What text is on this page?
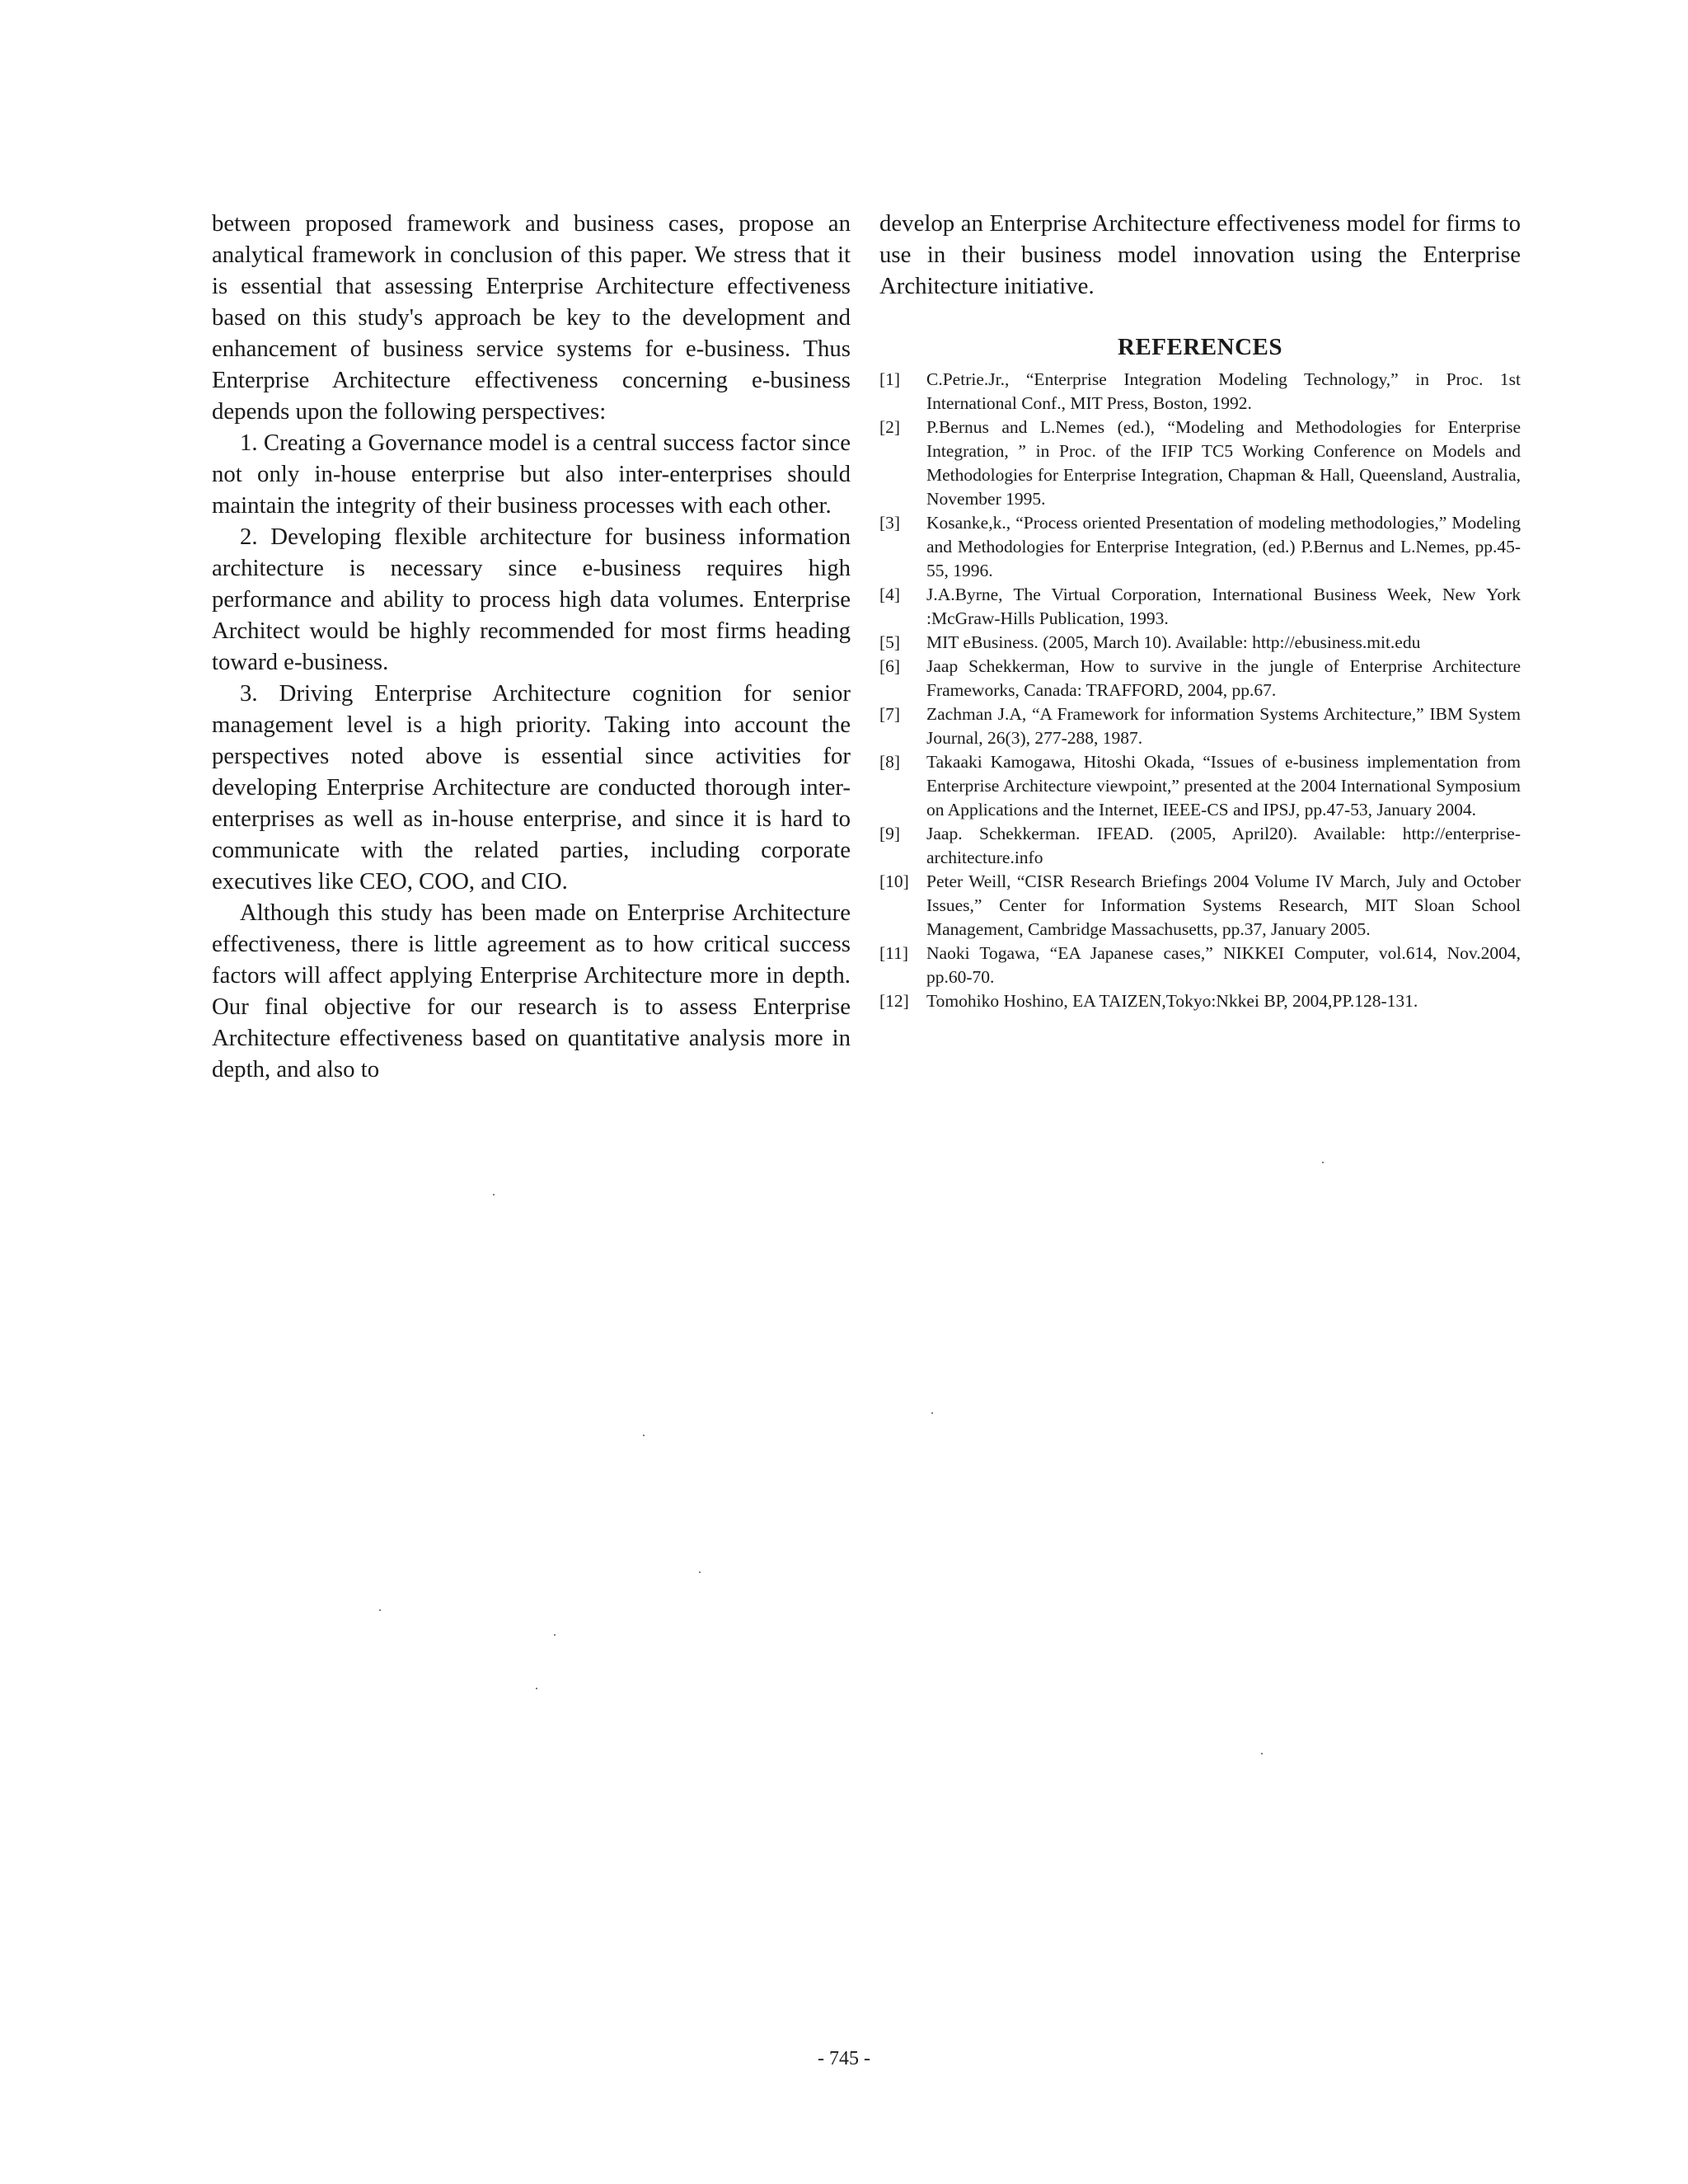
between proposed framework and business cases, propose an analytical framework in conclusion of this paper. We stress that it is essential that assessing Enterprise Architecture effectiveness based on this study's approach be key to the development and enhancement of business service systems for e-business. Thus Enterprise Architecture effectiveness concerning e-business depends upon the following perspectives:

1. Creating a Governance model is a central success factor since not only in-house enterprise but also inter-enterprises should maintain the integrity of their business processes with each other.

2. Developing flexible architecture for business information architecture is necessary since e-business requires high performance and ability to process high data volumes. Enterprise Architect would be highly recommended for most firms heading toward e-business.

3. Driving Enterprise Architecture cognition for senior management level is a high priority. Taking into account the perspectives noted above is essential since activities for developing Enterprise Architecture are conducted thorough inter-enterprises as well as in-house enterprise, and since it is hard to communicate with the related parties, including corporate executives like CEO, COO, and CIO.

Although this study has been made on Enterprise Architecture effectiveness, there is little agreement as to how critical success factors will affect applying Enterprise Architecture more in depth. Our final objective for our research is to assess Enterprise Architecture effectiveness based on quantitative analysis more in depth, and also to

develop an Enterprise Architecture effectiveness model for firms to use in their business model innovation using the Enterprise Architecture initiative.

REFERENCES
[1]	C.Petrie.Jr., “Enterprise Integration Modeling Technology,” in Proc. 1st International Conf., MIT Press, Boston, 1992.
[2]	P.Bernus and L.Nemes (ed.), “Modeling and Methodologies for Enterprise Integration, ” in Proc. of the IFIP TC5 Working Conference on Models and Methodologies for Enterprise Integration, Chapman & Hall, Queensland, Australia, November 1995.
[3]	Kosanke,k., “Process oriented Presentation of modeling methodologies,” Modeling and Methodologies for Enterprise Integration, (ed.) P.Bernus and L.Nemes, pp.45-55, 1996.
[4]	J.A.Byrne, The Virtual Corporation, International Business Week, New York :McGraw-Hills Publication, 1993.
[5]	MIT eBusiness. (2005, March 10). Available: http://ebusiness.mit.edu
[6]	Jaap Schekkerman, How to survive in the jungle of Enterprise Architecture Frameworks, Canada: TRAFFORD, 2004, pp.67.
[7]	Zachman J.A, “A Framework for information Systems Architecture,” IBM System Journal, 26(3), 277-288, 1987.
[8]	Takaaki Kamogawa, Hitoshi Okada, “Issues of e-business implementation from Enterprise Architecture viewpoint,” presented at the 2004 International Symposium on Applications and the Internet, IEEE-CS and IPSJ, pp.47-53, January 2004.
[9]	Jaap. Schekkerman. IFEAD. (2005, April20). Available: http://enterprise-architecture.info
[10] Peter Weill, “CISR Research Briefings 2004 Volume IV March, July and October Issues,” Center for Information Systems Research, MIT Sloan School Management, Cambridge Massachusetts, pp.37, January 2005.
[11]	Naoki Togawa, “EA Japanese cases,” NIKKEI Computer, vol.614, Nov.2004, pp.60-70.
[12] Tomohiko Hoshino, EA TAIZEN,Tokyo:Nkkei BP, 2004,PP.128-131.
- 745 -
